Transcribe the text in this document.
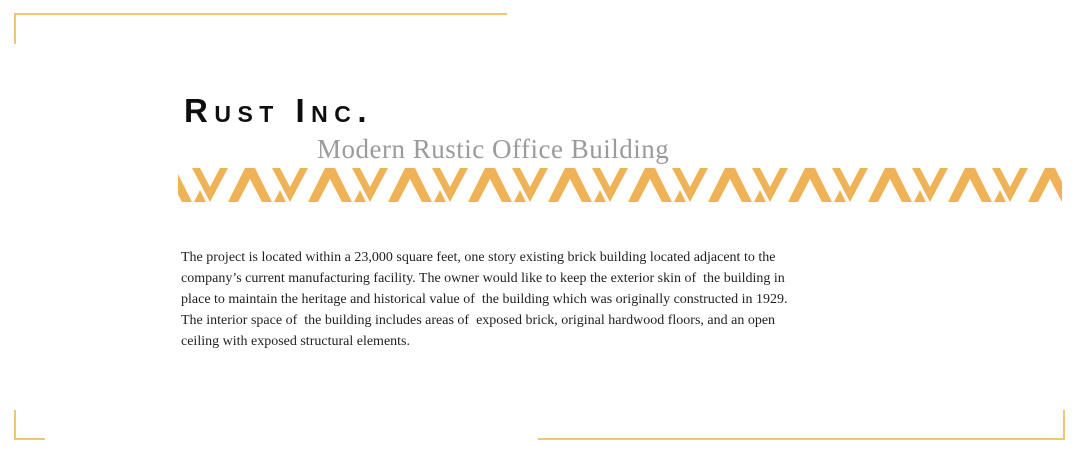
Rust Inc.
Modern Rustic Office Building
The project is located within a 23,000 square feet, one story existing brick building located adjacent to the
company’s current manufacturing facility. The owner would like to keep the exterior skin of  the building in
place to maintain the heritage and historical value of  the building which was originally constructed in 1929.
The interior space of  the building includes areas of  exposed brick, original hardwood floors, and an open
ceiling with exposed structural elements.
